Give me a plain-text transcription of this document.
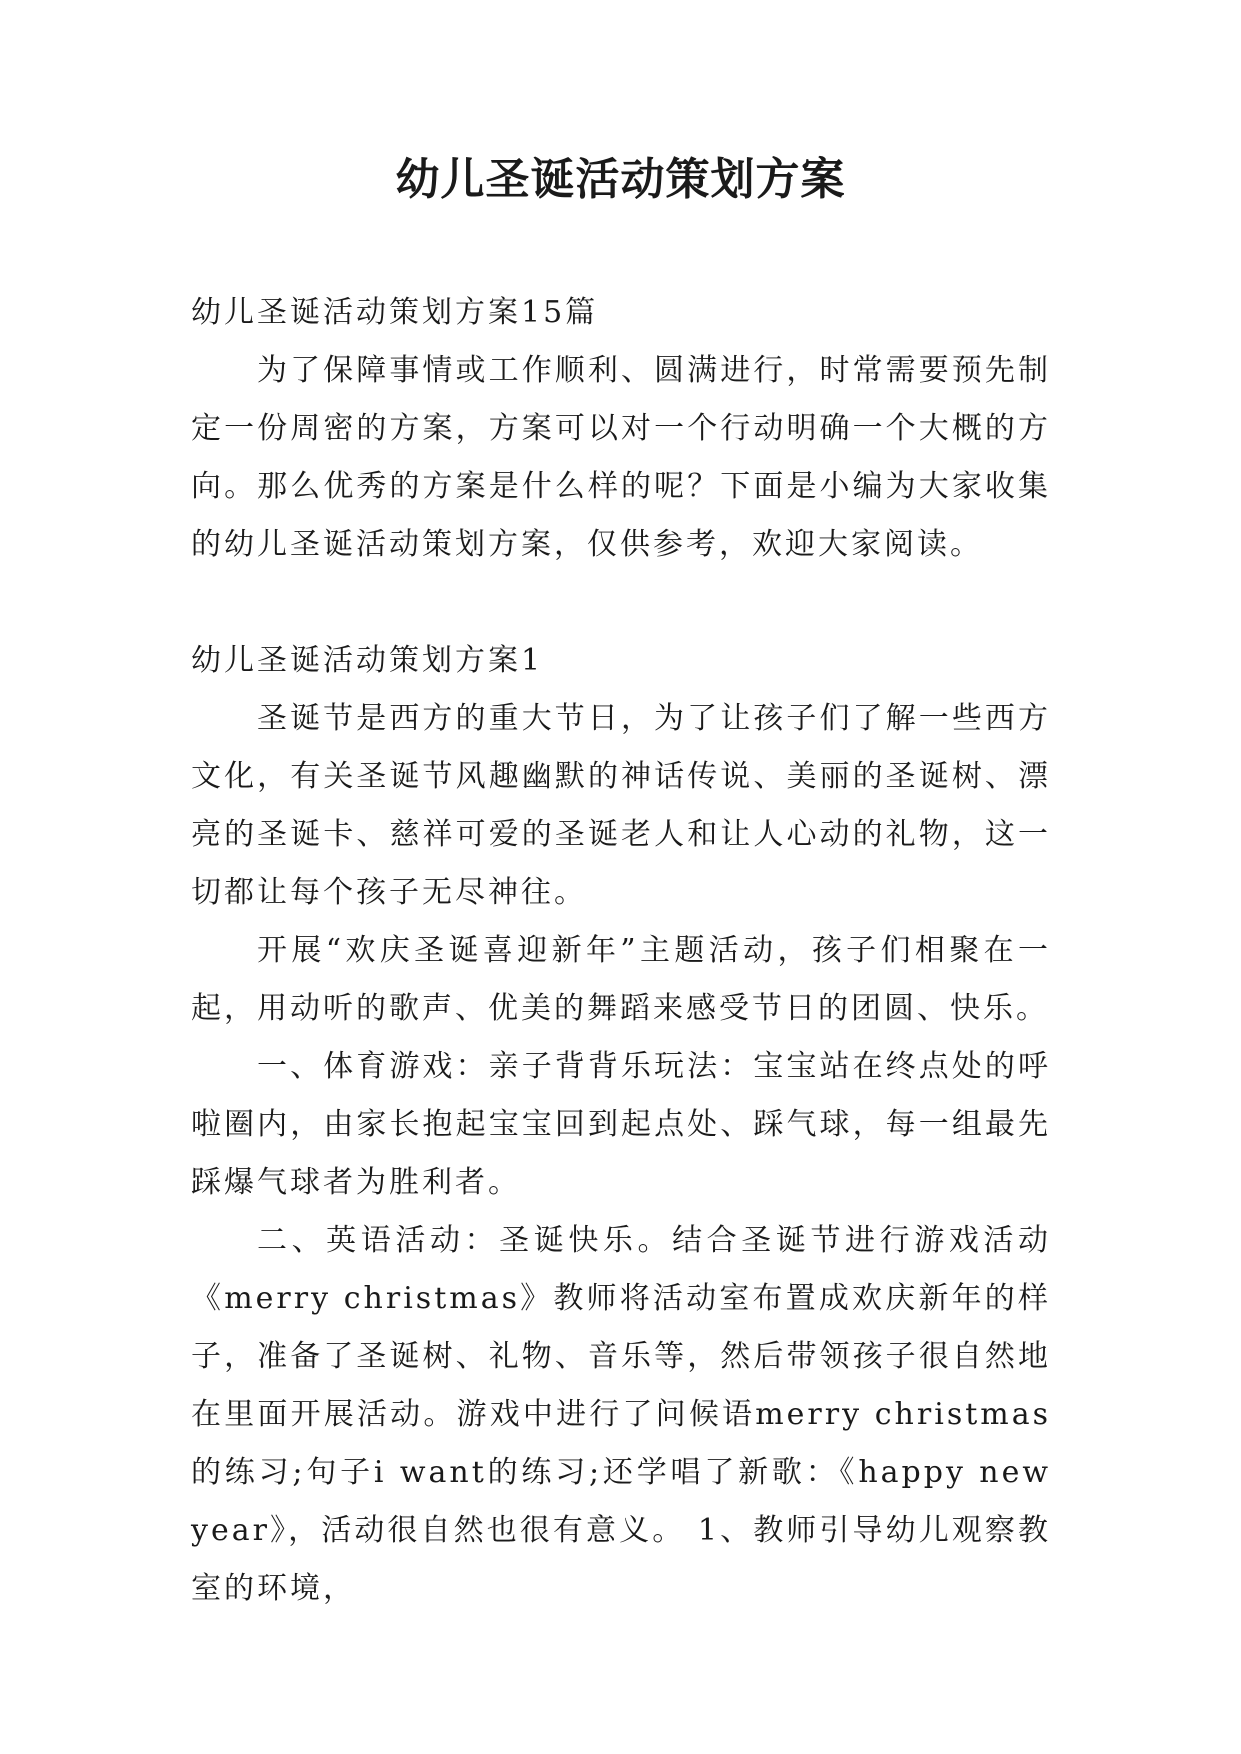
幼儿圣诞活动策划方案

幼儿圣诞活动策划方案15篇

为了保障事情或工作顺利、圆满进行，时常需要预先制定一份周密的方案，方案可以对一个行动明确一个大概的方向。那么优秀的方案是什么样的呢？下面是小编为大家收集的幼儿圣诞活动策划方案，仅供参考，欢迎大家阅读。

幼儿圣诞活动策划方案1

圣诞节是西方的重大节日，为了让孩子们了解一些西方文化，有关圣诞节风趣幽默的神话传说、美丽的圣诞树、漂亮的圣诞卡、慈祥可爱的圣诞老人和让人心动的礼物，这一切都让每个孩子无尽神往。

开展“欢庆圣诞喜迎新年”主题活动，孩子们相聚在一起，用动听的歌声、优美的舞蹈来感受节日的团圆、快乐。

一、体育游戏：亲子背背乐玩法：宝宝站在终点处的呼啦圈内，由家长抱起宝宝回到起点处、踩气球，每一组最先踩爆气球者为胜利者。

二、英语活动：圣诞快乐。结合圣诞节进行游戏活动《merry christmas》教师将活动室布置成欢庆新年的样子，准备了圣诞树、礼物、音乐等，然后带领孩子很自然地在里面开展活动。游戏中进行了问候语merry christmas 的练习;句子i want的练习;还学唱了新歌：《happy new year》，活动很自然也很有意义。 1、教师引导幼儿观察教室的环境，
